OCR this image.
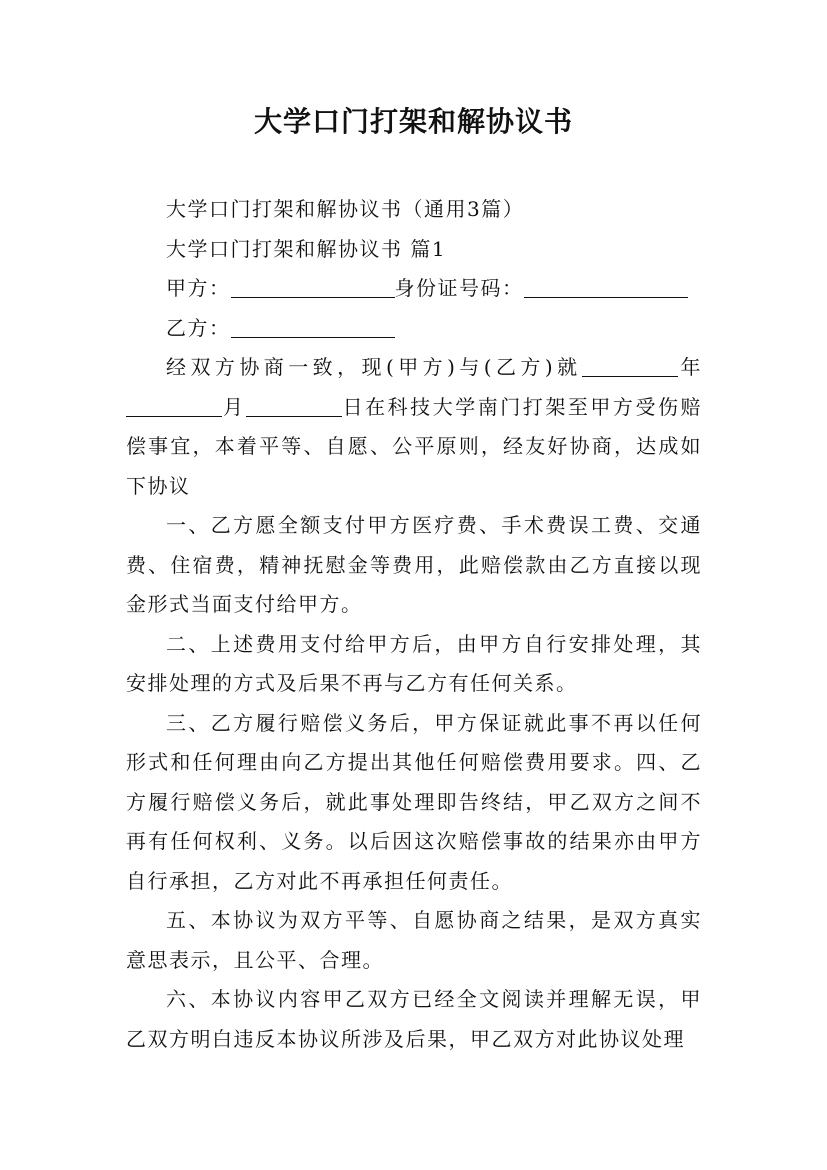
大学口门打架和解协议书

大学口门打架和解协议书（通用3篇）

大学口门打架和解协议书 篇1

甲方：	身份证号码：

乙方：

经双方协商一致，现(甲方)与(乙方)就	年月	日在科技大学南门打架至甲方受伤赔偿事宜，本着平等、自愿、公平原则，经友好协商，达成如下协议

一、乙方愿全额支付甲方医疗费、手术费误工费、交通费、住宿费，精神抚慰金等费用，此赔偿款由乙方直接以现金形式当面支付给甲方。

二、上述费用支付给甲方后，由甲方自行安排处理，其安排处理的方式及后果不再与乙方有任何关系。

三、乙方履行赔偿义务后，甲方保证就此事不再以任何形式和任何理由向乙方提出其他任何赔偿费用要求。四、乙方履行赔偿义务后，就此事处理即告终结，甲乙双方之间不再有任何权利、义务。以后因这次赔偿事故的结果亦由甲方自行承担，乙方对此不再承担任何责任。

五、本协议为双方平等、自愿协商之结果，是双方真实意思表示，且公平、合理。

六、本协议内容甲乙双方已经全文阅读并理解无误，甲乙双方明白违反本协议所涉及后果，甲乙双方对此协议处理
